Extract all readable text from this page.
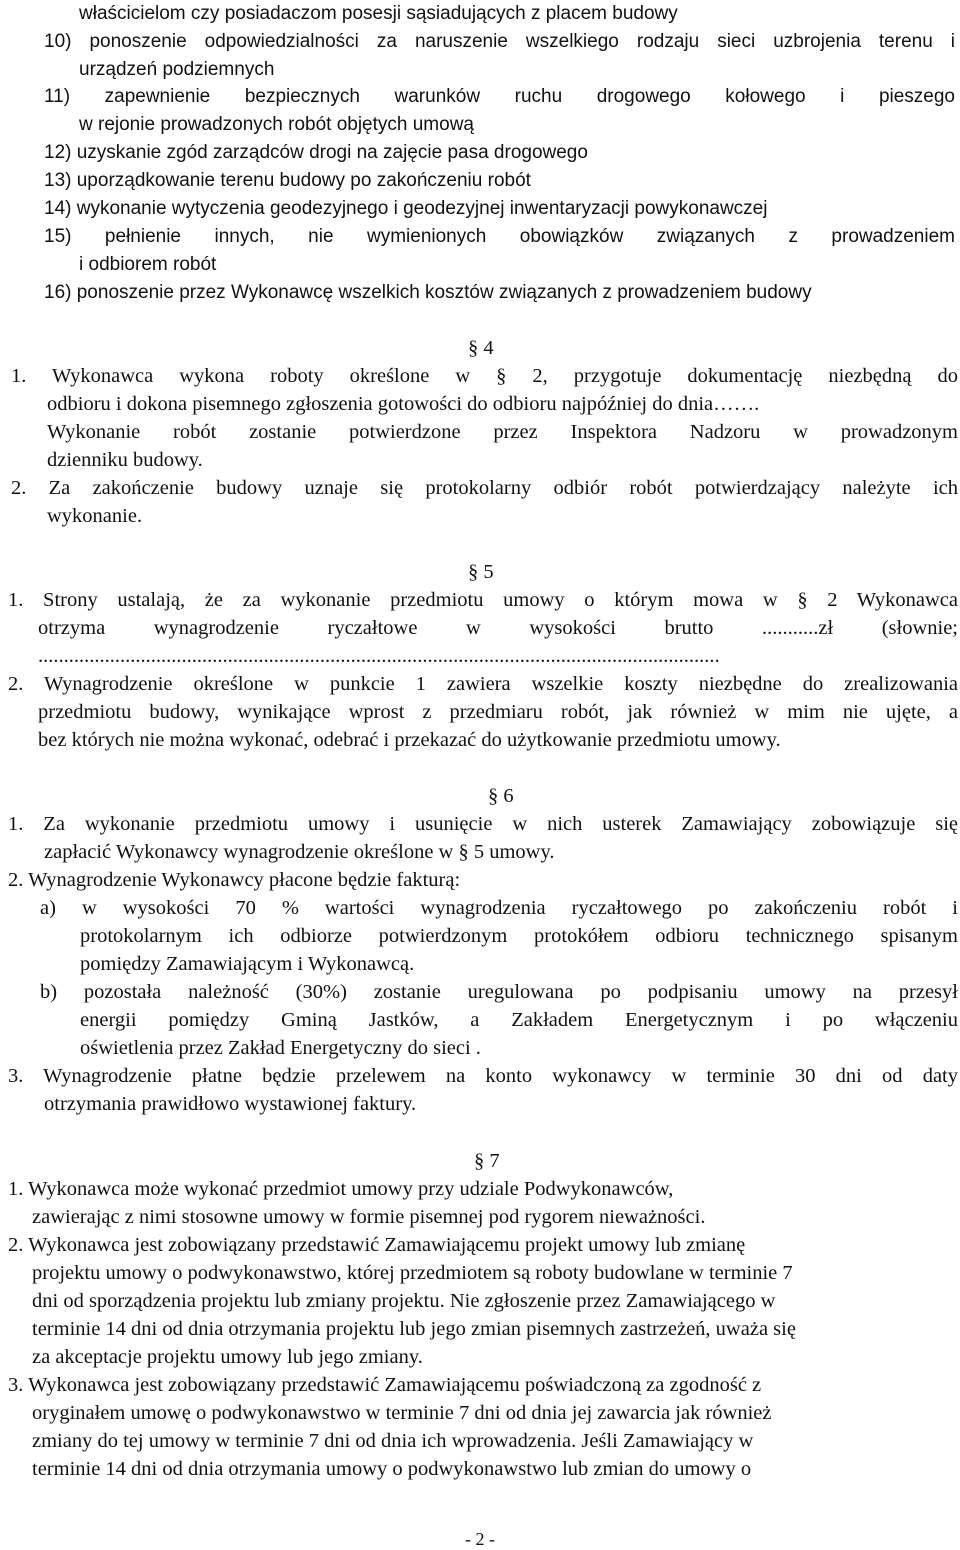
właścicielom czy posiadaczom posesji sąsiadujących z placem budowy
10) ponoszenie odpowiedzialności za naruszenie wszelkiego rodzaju sieci uzbrojenia terenu i
urządzeń podziemnych
11) zapewnienie bezpiecznych warunków ruchu drogowego kołowego i pieszego
w rejonie prowadzonych robót objętych umową
12) uzyskanie zgód zarządców drogi na zajęcie pasa drogowego
13) uporządkowanie terenu budowy po zakończeniu robót
14) wykonanie wytyczenia geodezyjnego i geodezyjnej inwentaryzacji powykonawczej
15) pełnienie innych, nie wymienionych obowiązków związanych z prowadzeniem
i odbiorem robót
16) ponoszenie przez Wykonawcę wszelkich kosztów związanych z prowadzeniem budowy
§ 4
1. Wykonawca wykona roboty określone w § 2, przygotuje dokumentację niezbędną do
odbioru i dokona pisemnego zgłoszenia gotowości do odbioru najpóźniej do dnia…….
Wykonanie robót zostanie potwierdzone przez Inspektora Nadzoru w prowadzonym
dzienniku budowy.
2. Za zakończenie budowy uznaje się protokolarny odbiór robót potwierdzający należyte ich
wykonanie.
§ 5
1. Strony ustalają, że za wykonanie przedmiotu umowy o którym mowa w § 2 Wykonawca
otrzyma wynagrodzenie ryczałtowe w wysokości brutto ...........zł (słownie;
.....................................................................................................................................
2. Wynagrodzenie określone w punkcie 1 zawiera wszelkie koszty niezbędne do zrealizowania
przedmiotu budowy, wynikające wprost z przedmiaru robót, jak również w mim nie ujęte, a
bez których nie można wykonać, odebrać i przekazać do użytkowanie przedmiotu umowy.
§ 6
1. Za wykonanie przedmiotu umowy i usunięcie w nich usterek Zamawiający zobowiązuje się
zapłacić Wykonawcy wynagrodzenie określone w § 5 umowy.
2. Wynagrodzenie Wykonawcy płacone będzie fakturą:
a) w wysokości 70 % wartości wynagrodzenia ryczałtowego po zakończeniu robót i
protokolarnym ich odbiorze potwierdzonym protokółem odbioru technicznego spisanym
pomiędzy Zamawiającym i Wykonawcą.
b) pozostała należność (30%) zostanie uregulowana po podpisaniu umowy na przesył
energii pomiędzy Gminą Jastków, a Zakładem Energetycznym i po włączeniu
oświetlenia przez Zakład Energetyczny do sieci .
3. Wynagrodzenie płatne będzie przelewem na konto wykonawcy w terminie 30 dni od daty
otrzymania prawidłowo wystawionej faktury.
§ 7
1. Wykonawca może wykonać przedmiot umowy przy udziale Podwykonawców,
zawierając z nimi stosowne umowy w formie pisemnej pod rygorem nieważności.
2. Wykonawca jest zobowiązany przedstawić Zamawiającemu projekt umowy lub zmianę
projektu umowy o podwykonawstwo, której przedmiotem są roboty budowlane w terminie 7
dni od sporządzenia projektu lub zmiany projektu. Nie zgłoszenie przez Zamawiającego w
terminie 14 dni od dnia otrzymania projektu lub jego zmian pisemnych zastrzeżeń, uważa się
za akceptacje projektu umowy lub jego zmiany.
3. Wykonawca jest zobowiązany przedstawić Zamawiającemu poświadczoną za zgodność z
oryginałem umowę o podwykonawstwo w terminie 7 dni od dnia jej zawarcia jak również
zmiany do tej umowy w terminie 7 dni od dnia ich wprowadzenia. Jeśli Zamawiający w
terminie 14 dni od dnia otrzymania umowy o podwykonawstwo lub zmian do umowy o
- 2 -
